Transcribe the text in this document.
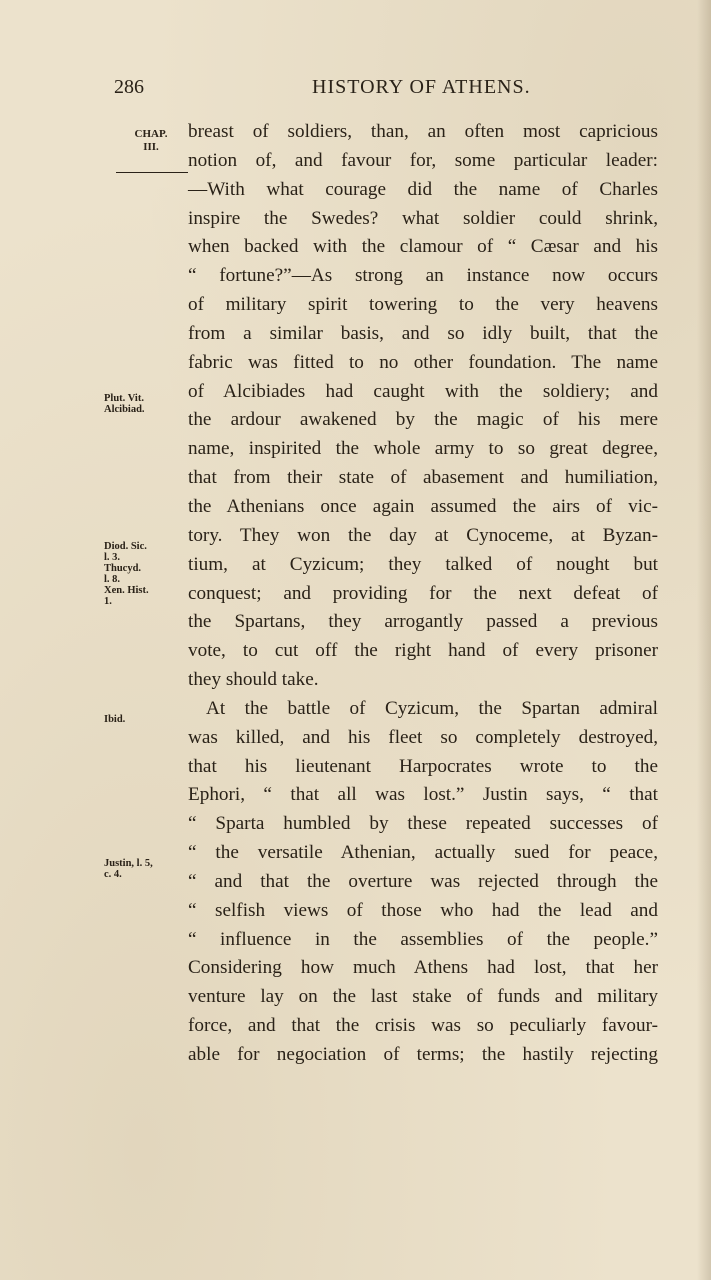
286	HISTORY OF ATHENS.
CHAP.
III.
Plut. Vit.
Alcibiad.
Diod. Sic.
l. 3.
Thucyd.
l. 8.
Xen. Hist.
1.
Ibid.
Justin, l. 5,
c. 4.
breast of soldiers, than, an often most capricious
notion of, and favour for, some particular leader:
—With what courage did the name of Charles
inspire the Swedes? what soldier could shrink,
when backed with the clamour of “ Cæsar and his
“ fortune?”—As strong an instance now occurs
of military spirit towering to the very heavens
from a similar basis, and so idly built, that the
fabric was fitted to no other foundation. The name
of Alcibiades had caught with the soldiery; and
the ardour awakened by the magic of his mere
name, inspirited the whole army to so great degree,
that from their state of abasement and humiliation,
the Athenians once again assumed the airs of vic-
tory. They won the day at Cynoceme, at Byzan-
tium, at Cyzicum; they talked of nought but
conquest; and providing for the next defeat of
the Spartans, they arrogantly passed a previous
vote, to cut off the right hand of every prisoner
they should take.
At the battle of Cyzicum, the Spartan admiral
was killed, and his fleet so completely destroyed,
that his lieutenant Harpocrates wrote to the
Ephori, “ that all was lost.” Justin says, “ that
“ Sparta humbled by these repeated successes of
“ the versatile Athenian, actually sued for peace,
“ and that the overture was rejected through the
“ selfish views of those who had the lead and
“ influence in the assemblies of the people.”
Considering how much Athens had lost, that her
venture lay on the last stake of funds and military
force, and that the crisis was so peculiarly favour-
able for negociation of terms; the hastily rejecting
